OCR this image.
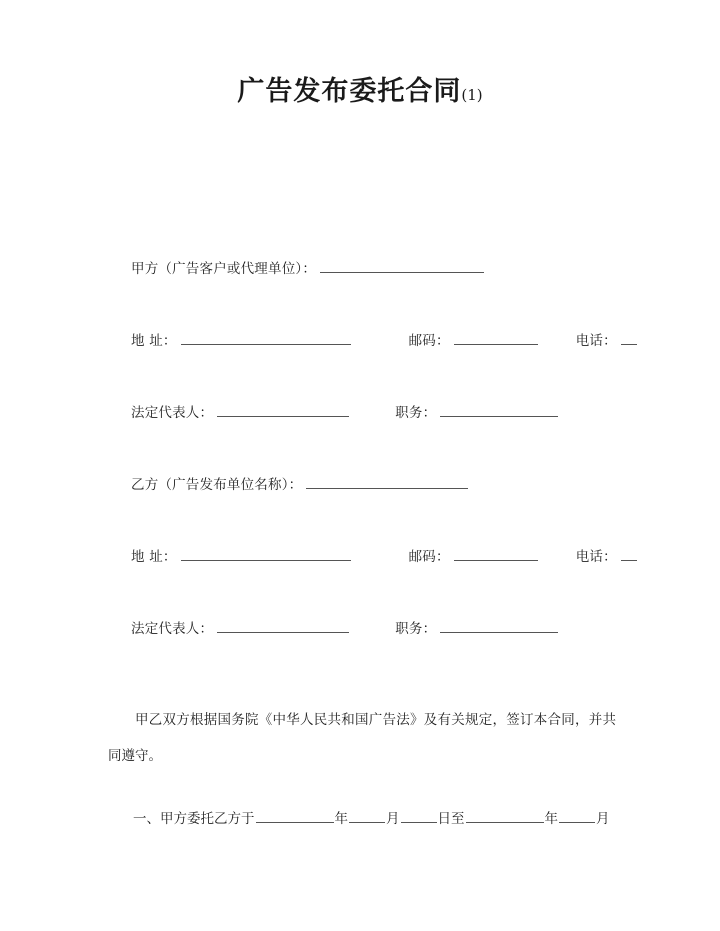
广告发布委托合同(1)
甲方（广告客户或代理单位）：
地 址：	邮码：	电话：
法定代表人：	职务：
乙方（广告发布单位名称）：
地 址：	邮码：	电话：
法定代表人：	职务：
甲乙双方根据国务院《中华人民共和国广告法》及有关规定，签订本合同，并共同遵守。
一、甲方委托乙方于	年	月	日至	年	月
